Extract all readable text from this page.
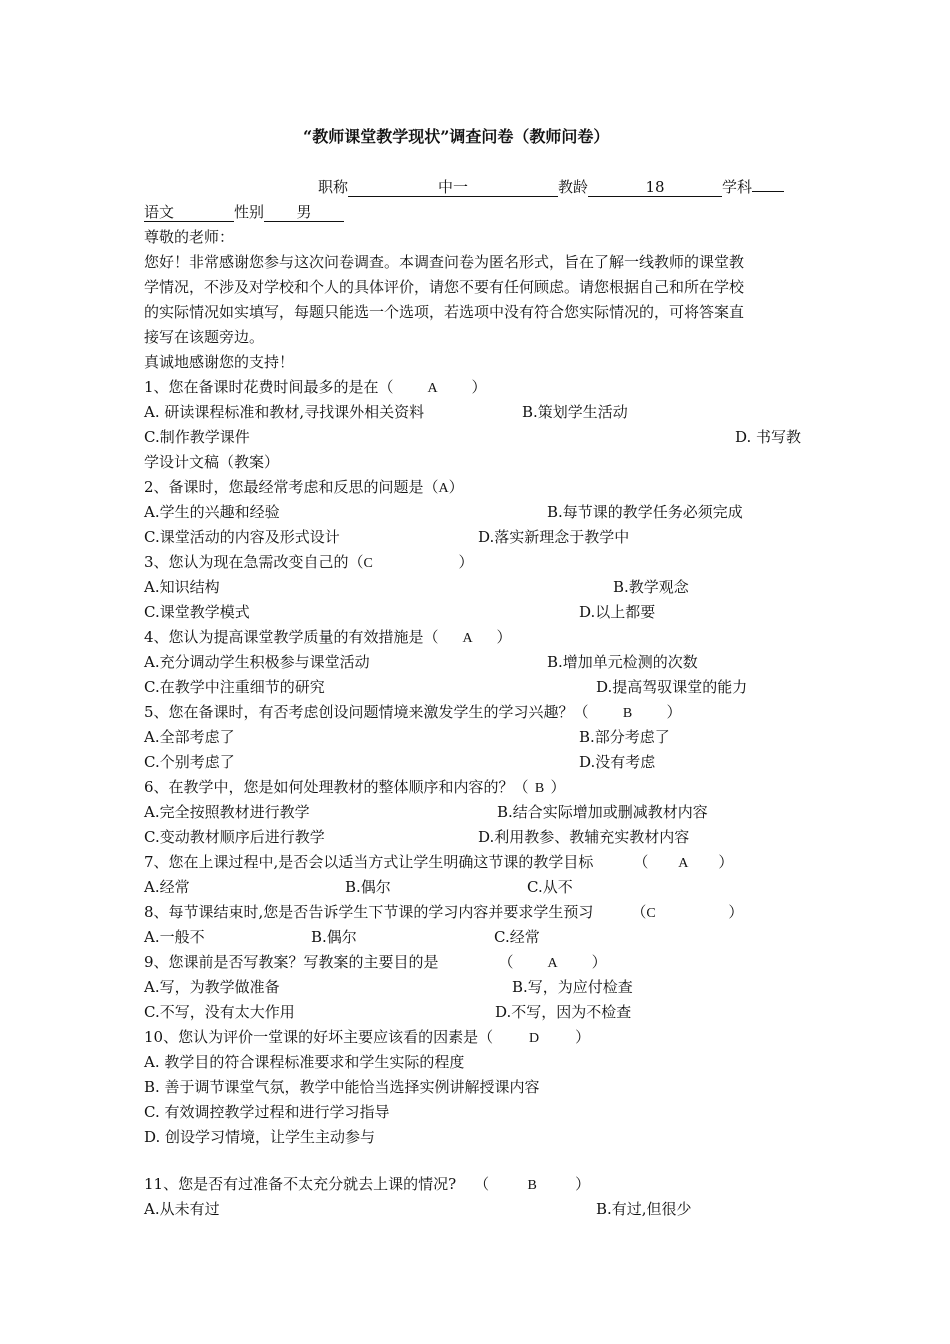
“教师课堂教学现状”调查问卷（教师问卷）
职称	中一	教龄	18	学科
语文	性别 男
尊敬的老师：
您好！非常感谢您参与这次问卷调查。本调查问卷为匿名形式，旨在了解一线教师的课堂教
学情况，不涉及对学校和个人的具体评价，请您不要有任何顾虑。请您根据自己和所在学校
的实际情况如实填写，每题只能选一个选项，若选项中没有符合您实际情况的，可将答案直
接写在该题旁边。
真诚地感谢您的支持！
1、您在备课时花费时间最多的是在（ A ）
A. 研读课程标准和教材,寻找课外相关资料	B.策划学生活动
C.制作教学课件	D. 书写教
学设计文稿（教案）
2、备课时，您最经常考虑和反思的问题是（A）
A.学生的兴趣和经验	B.每节课的教学任务必须完成
C.课堂活动的内容及形式设计	D.落实新理念于教学中
3、您认为现在急需改变自己的（C	）
A.知识结构	B.教学观念
C.课堂教学模式	D.以上都要
4、您认为提高课堂教学质量的有效措施是（ A ）
A.充分调动学生积极参与课堂活动	B.增加单元检测的次数
C.在教学中注重细节的研究	D.提高驾驭课堂的能力
5、您在备课时，有否考虑创设问题情境来激发学生的学习兴趣？（ B ）
A.全部考虑了	B.部分考虑了
C.个别考虑了	D.没有考虑
6、在教学中，您是如何处理教材的整体顺序和内容的？（ B ）
A.完全按照教材进行教学	B.结合实际增加或删减教材内容
C.变动教材顺序后进行教学	D.利用教参、教辅充实教材内容
7、您在上课过程中,是否会以适当方式让学生明确这节课的教学目标	（ A ）
A.经常	B.偶尔	C.从不
8、每节课结束时,您是否告诉学生下节课的学习内容并要求学生预习	（C	）
A.一般不	B.偶尔	C.经常
9、您课前是否写教案？写教案的主要目的是	（ A ）
A.写，为教学做准备	B.写，为应付检查
C.不写，没有太大作用	D.不写，因为不检查
10、您认为评价一堂课的好坏主要应该看的因素是（	D ）
A. 教学目的符合课程标准要求和学生实际的程度
B. 善于调节课堂气氛，教学中能恰当选择实例讲解授课内容
C. 有效调控教学过程和进行学习指导
D. 创设学习情境，让学生主动参与
11、您是否有过准备不太充分就去上课的情况? （	B	）
A.从未有过	B.有过,但很少
